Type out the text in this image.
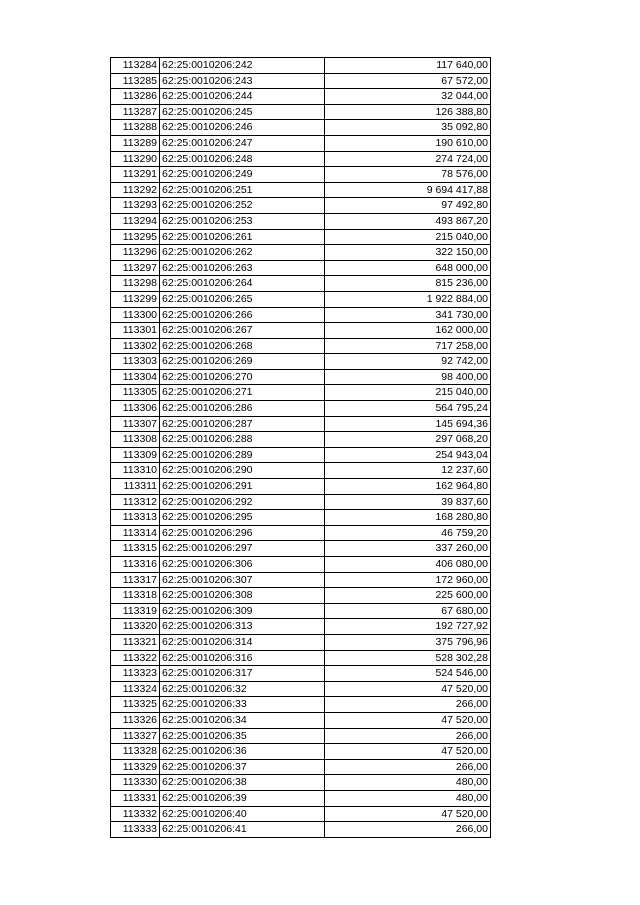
113284	62:25:0010206:242	117 640,00
113285	62:25:0010206:243	67 572,00
113286	62:25:0010206:244	32 044,00
113287	62:25:0010206:245	126 388,80
113288	62:25:0010206:246	35 092,80
113289	62:25:0010206:247	190 610,00
113290	62:25:0010206:248	274 724,00
113291	62:25:0010206:249	78 576,00
113292	62:25:0010206:251	9 694 417,88
113293	62:25:0010206:252	97 492,80
113294	62:25:0010206:253	493 867,20
113295	62:25:0010206:261	215 040,00
113296	62:25:0010206:262	322 150,00
113297	62:25:0010206:263	648 000,00
113298	62:25:0010206:264	815 236,00
113299	62:25:0010206:265	1 922 884,00
113300	62:25:0010206:266	341 730,00
113301	62:25:0010206:267	162 000,00
113302	62:25:0010206:268	717 258,00
113303	62:25:0010206:269	92 742,00
113304	62:25:0010206:270	98 400,00
113305	62:25:0010206:271	215 040,00
113306	62:25:0010206:286	564 795,24
113307	62:25:0010206:287	145 694,36
113308	62:25:0010206:288	297 068,20
113309	62:25:0010206:289	254 943,04
113310	62:25:0010206:290	12 237,60
113311	62:25:0010206:291	162 964,80
113312	62:25:0010206:292	39 837,60
113313	62:25:0010206:295	168 280,80
113314	62:25:0010206:296	46 759,20
113315	62:25:0010206:297	337 260,00
113316	62:25:0010206:306	406 080,00
113317	62:25:0010206:307	172 960,00
113318	62:25:0010206:308	225 600,00
113319	62:25:0010206:309	67 680,00
113320	62:25:0010206:313	192 727,92
113321	62:25:0010206:314	375 796,96
113322	62:25:0010206:316	528 302,28
113323	62:25:0010206:317	524 546,00
113324	62:25:0010206:32	47 520,00
113325	62:25:0010206:33	266,00
113326	62:25:0010206:34	47 520,00
113327	62:25:0010206:35	266,00
113328	62:25:0010206:36	47 520,00
113329	62:25:0010206:37	266,00
113330	62:25:0010206:38	480,00
113331	62:25:0010206:39	480,00
113332	62:25:0010206:40	47 520,00
113333	62:25:0010206:41	266,00
